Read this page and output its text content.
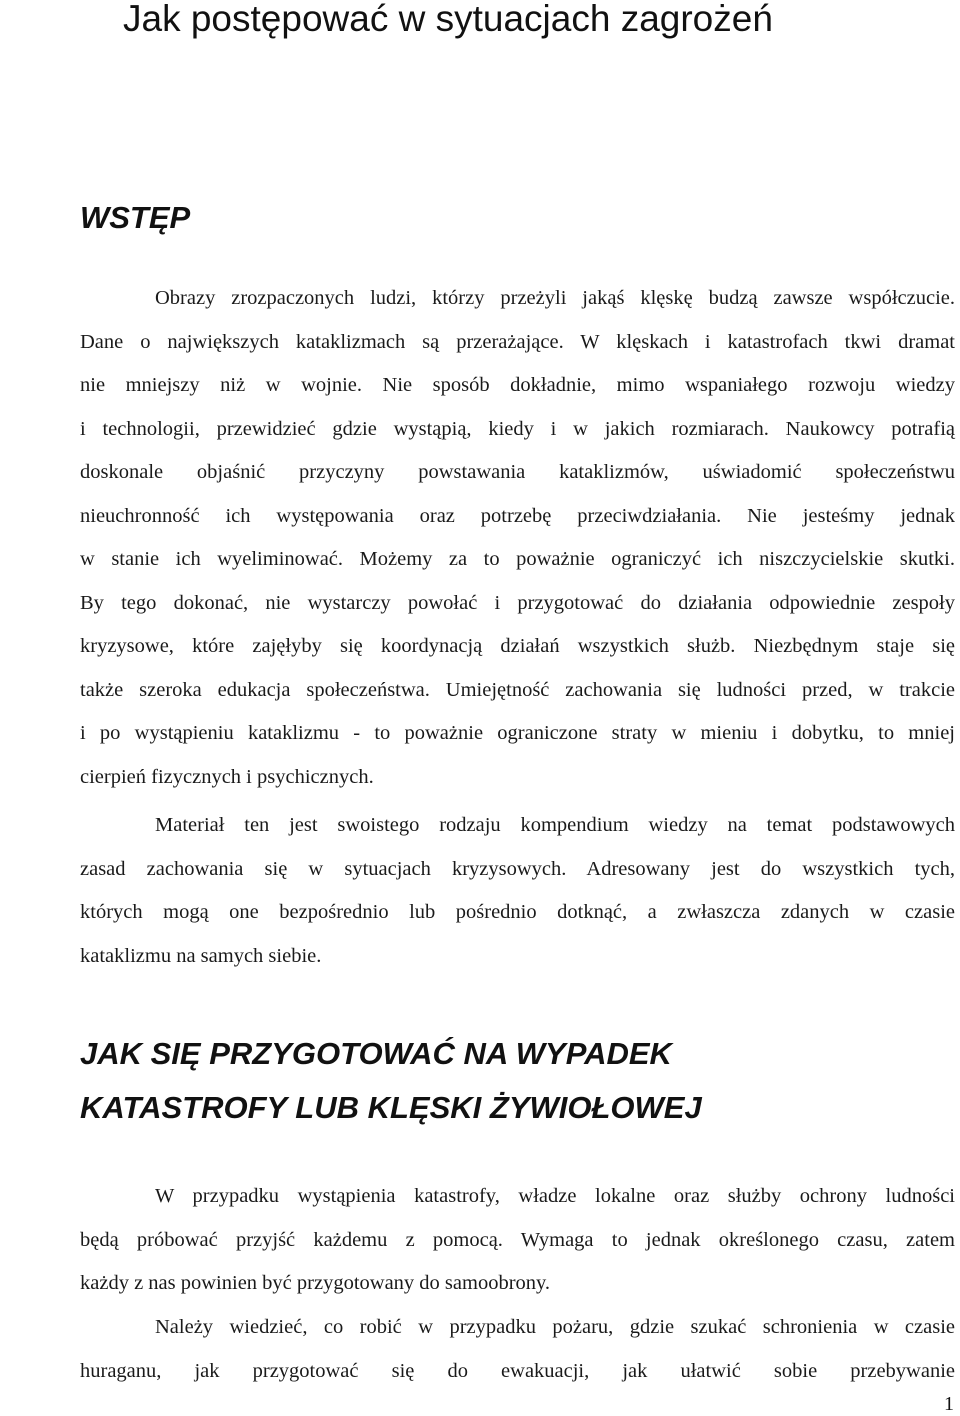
Jak postępować w sytuacjach zagrożeń
WSTĘP

Obrazy zrozpaczonych ludzi, którzy przeżyli jakąś klęskę budzą zawsze współczucie.
Dane o największych kataklizmach są przerażające. W klęskach i katastrofach tkwi dramat
nie mniejszy niż w wojnie. Nie sposób dokładnie, mimo wspaniałego rozwoju wiedzy
i technologii, przewidzieć gdzie wystąpią, kiedy i w jakich rozmiarach. Naukowcy potrafią
doskonale objaśnić przyczyny powstawania kataklizmów, uświadomić społeczeństwu
nieuchronność ich występowania oraz potrzebę przeciwdziałania. Nie jesteśmy jednak
w stanie ich wyeliminować. Możemy za to poważnie ograniczyć ich niszczycielskie skutki.
By tego dokonać, nie wystarczy powołać i przygotować do działania odpowiednie zespoły
kryzysowe, które zajęłyby się koordynacją działań wszystkich służb. Niezbędnym staje się
także szeroka edukacja społeczeństwa. Umiejętność zachowania się ludności przed, w trakcie
i po wystąpieniu kataklizmu - to poważnie ograniczone straty w mieniu i dobytku, to mniej
cierpień fizycznych i psychicznych.

Materiał ten jest swoistego rodzaju kompendium wiedzy na temat podstawowych
zasad zachowania się w sytuacjach kryzysowych. Adresowany jest do wszystkich tych,
których mogą one bezpośrednio lub pośrednio dotknąć, a zwłaszcza zdanych w czasie
kataklizmu na samych siebie.

JAK SIĘ PRZYGOTOWAĆ NA WYPADEK
KATASTROFY LUB KLĘSKI ŻYWIOŁOWEJ

W przypadku wystąpienia katastrofy, władze lokalne oraz służby ochrony ludności
będą próbować przyjść każdemu z pomocą. Wymaga to jednak określonego czasu, zatem
każdy z nas powinien być przygotowany do samoobrony.

Należy wiedzieć, co robić w przypadku pożaru, gdzie szukać schronienia w czasie
huraganu, jak przygotować się do ewakuacji, jak ułatwić sobie przebywanie

1
